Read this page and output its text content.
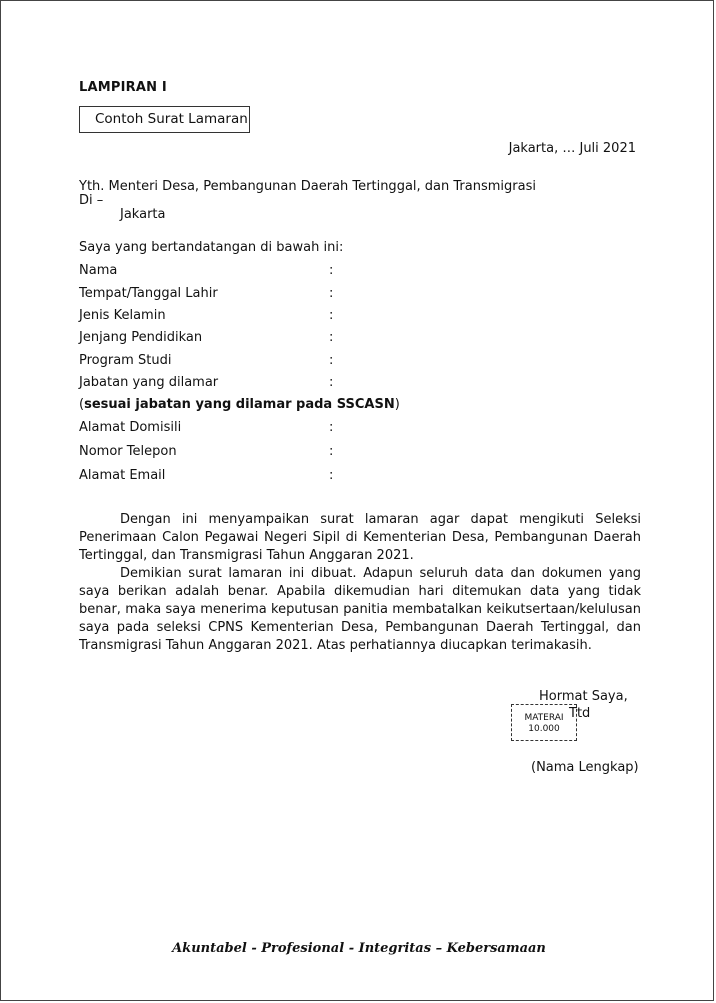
LAMPIRAN I
Contoh Surat Lamaran
Jakarta, … Juli 2021
Yth. Menteri Desa, Pembangunan Daerah Tertinggal, dan Transmigrasi
Di –
Jakarta
Saya yang bertandatangan di bawah ini:
Nama	:
Tempat/Tanggal Lahir	:
Jenis Kelamin	:
Jenjang Pendidikan	:
Program Studi	:
Jabatan yang dilamar	:
(sesuai jabatan yang dilamar pada SSCASN)
Alamat Domisili	:
Nomor Telepon	:
Alamat Email	:

Dengan ini menyampaikan surat lamaran agar dapat mengikuti Seleksi Penerimaan Calon Pegawai Negeri Sipil di Kementerian Desa, Pembangunan Daerah Tertinggal, dan Transmigrasi Tahun Anggaran 2021.

Demikian surat lamaran ini dibuat. Adapun seluruh data dan dokumen yang saya berikan adalah benar. Apabila dikemudian hari ditemukan data yang tidak benar, maka saya menerima keputusan panitia membatalkan keikutsertaan/kelulusan saya pada seleksi CPNS Kementerian Desa, Pembangunan Daerah Tertinggal, dan Transmigrasi Tahun Anggaran 2021. Atas perhatiannya diucapkan terimakasih.

Hormat Saya,
Ttd
MATERAI
10.000
(Nama Lengkap)
Akuntabel - Profesional - Integritas – Kebersamaan
